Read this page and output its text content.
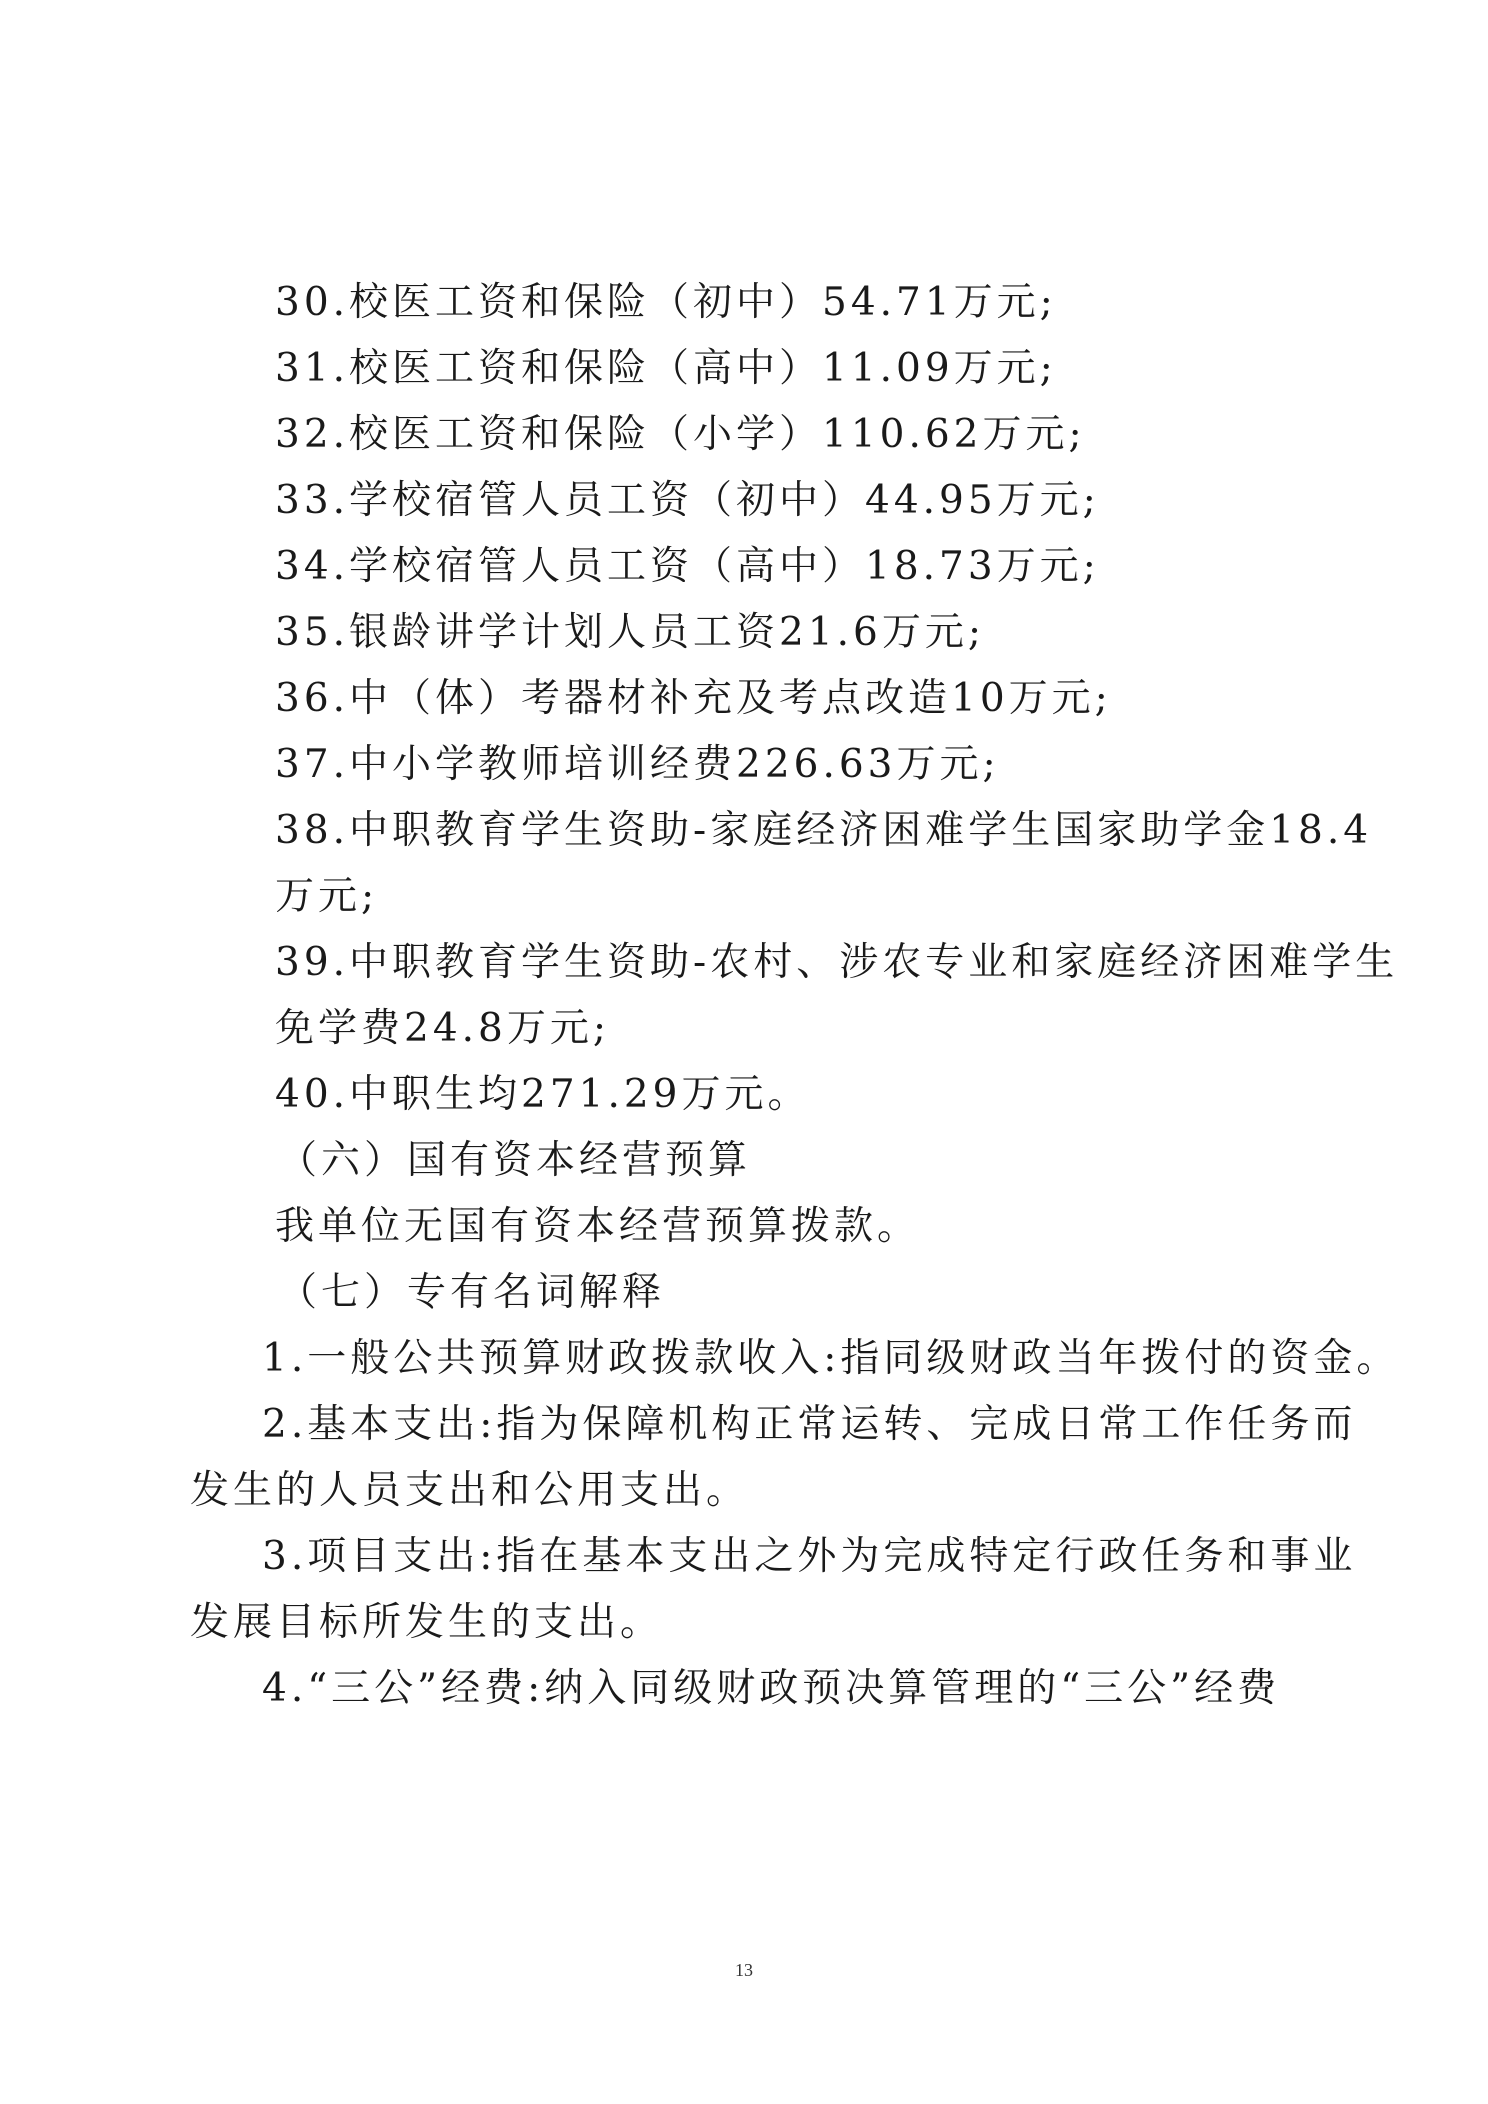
30.校医工资和保险（初中）54.71万元;
31.校医工资和保险（高中）11.09万元;
32.校医工资和保险（小学）110.62万元;
33.学校宿管人员工资（初中）44.95万元;
34.学校宿管人员工资（高中）18.73万元;
35.银龄讲学计划人员工资21.6万元;
36.中（体）考器材补充及考点改造10万元;
37.中小学教师培训经费226.63万元;
38.中职教育学生资助-家庭经济困难学生国家助学金18.4
万元;
39.中职教育学生资助-农村、涉农专业和家庭经济困难学生
免学费24.8万元;
40.中职生均271.29万元。
（六）国有资本经营预算
我单位无国有资本经营预算拨款。
（七）专有名词解释
1.一般公共预算财政拨款收入:指同级财政当年拨付的资金。
2.基本支出:指为保障机构正常运转、完成日常工作任务而
发生的人员支出和公用支出。
3.项目支出:指在基本支出之外为完成特定行政任务和事业
发展目标所发生的支出。
4.“三公”经费:纳入同级财政预决算管理的“三公”经费
13
